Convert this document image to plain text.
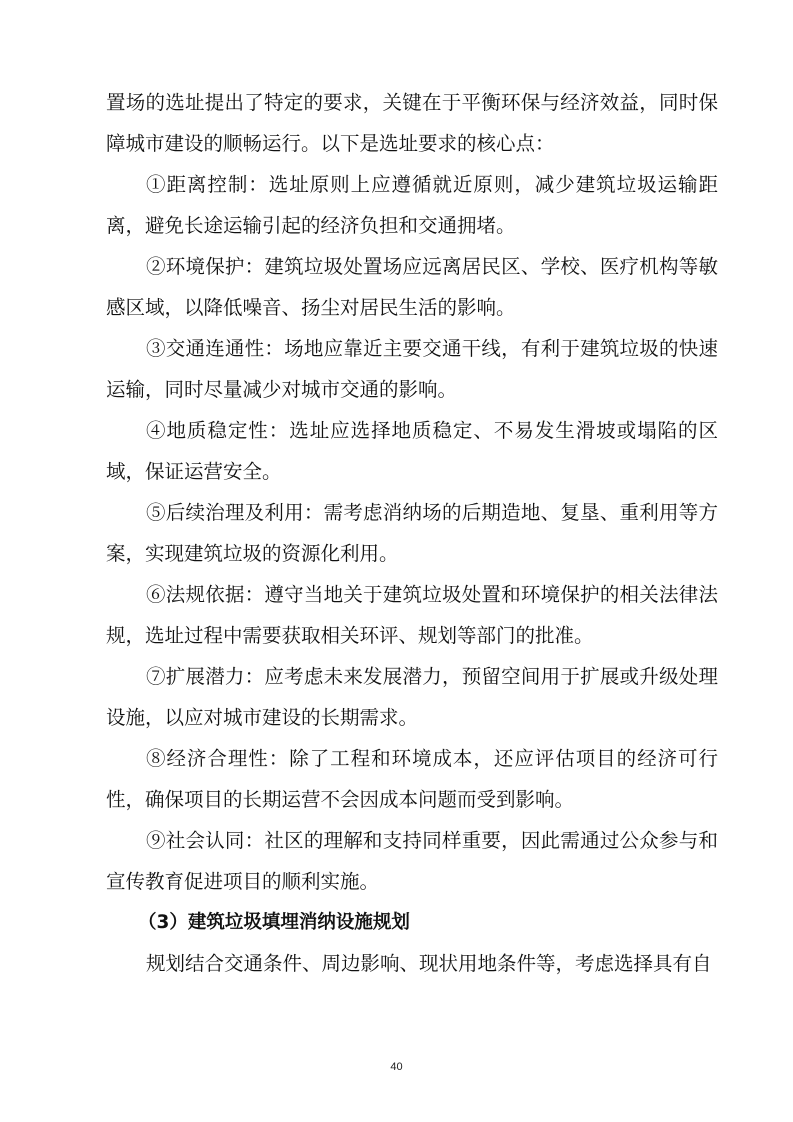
置场的选址提出了特定的要求，关键在于平衡环保与经济效益，同时保障城市建设的顺畅运行。以下是选址要求的核心点：

①距离控制：选址原则上应遵循就近原则，减少建筑垃圾运输距离，避免长途运输引起的经济负担和交通拥堵。

②环境保护：建筑垃圾处置场应远离居民区、学校、医疗机构等敏感区域，以降低噪音、扬尘对居民生活的影响。

③交通连通性：场地应靠近主要交通干线，有利于建筑垃圾的快速运输，同时尽量减少对城市交通的影响。

④地质稳定性：选址应选择地质稳定、不易发生滑坡或塌陷的区域，保证运营安全。

⑤后续治理及利用：需考虑消纳场的后期造地、复垦、重利用等方案，实现建筑垃圾的资源化利用。

⑥法规依据：遵守当地关于建筑垃圾处置和环境保护的相关法律法规，选址过程中需要获取相关环评、规划等部门的批准。

⑦扩展潜力：应考虑未来发展潜力，预留空间用于扩展或升级处理设施，以应对城市建设的长期需求。

⑧经济合理性：除了工程和环境成本，还应评估项目的经济可行性，确保项目的长期运营不会因成本问题而受到影响。

⑨社会认同：社区的理解和支持同样重要，因此需通过公众参与和宣传教育促进项目的顺利实施。

（3）建筑垃圾填埋消纳设施规划

规划结合交通条件、周边影响、现状用地条件等，考虑选择具有自

40
